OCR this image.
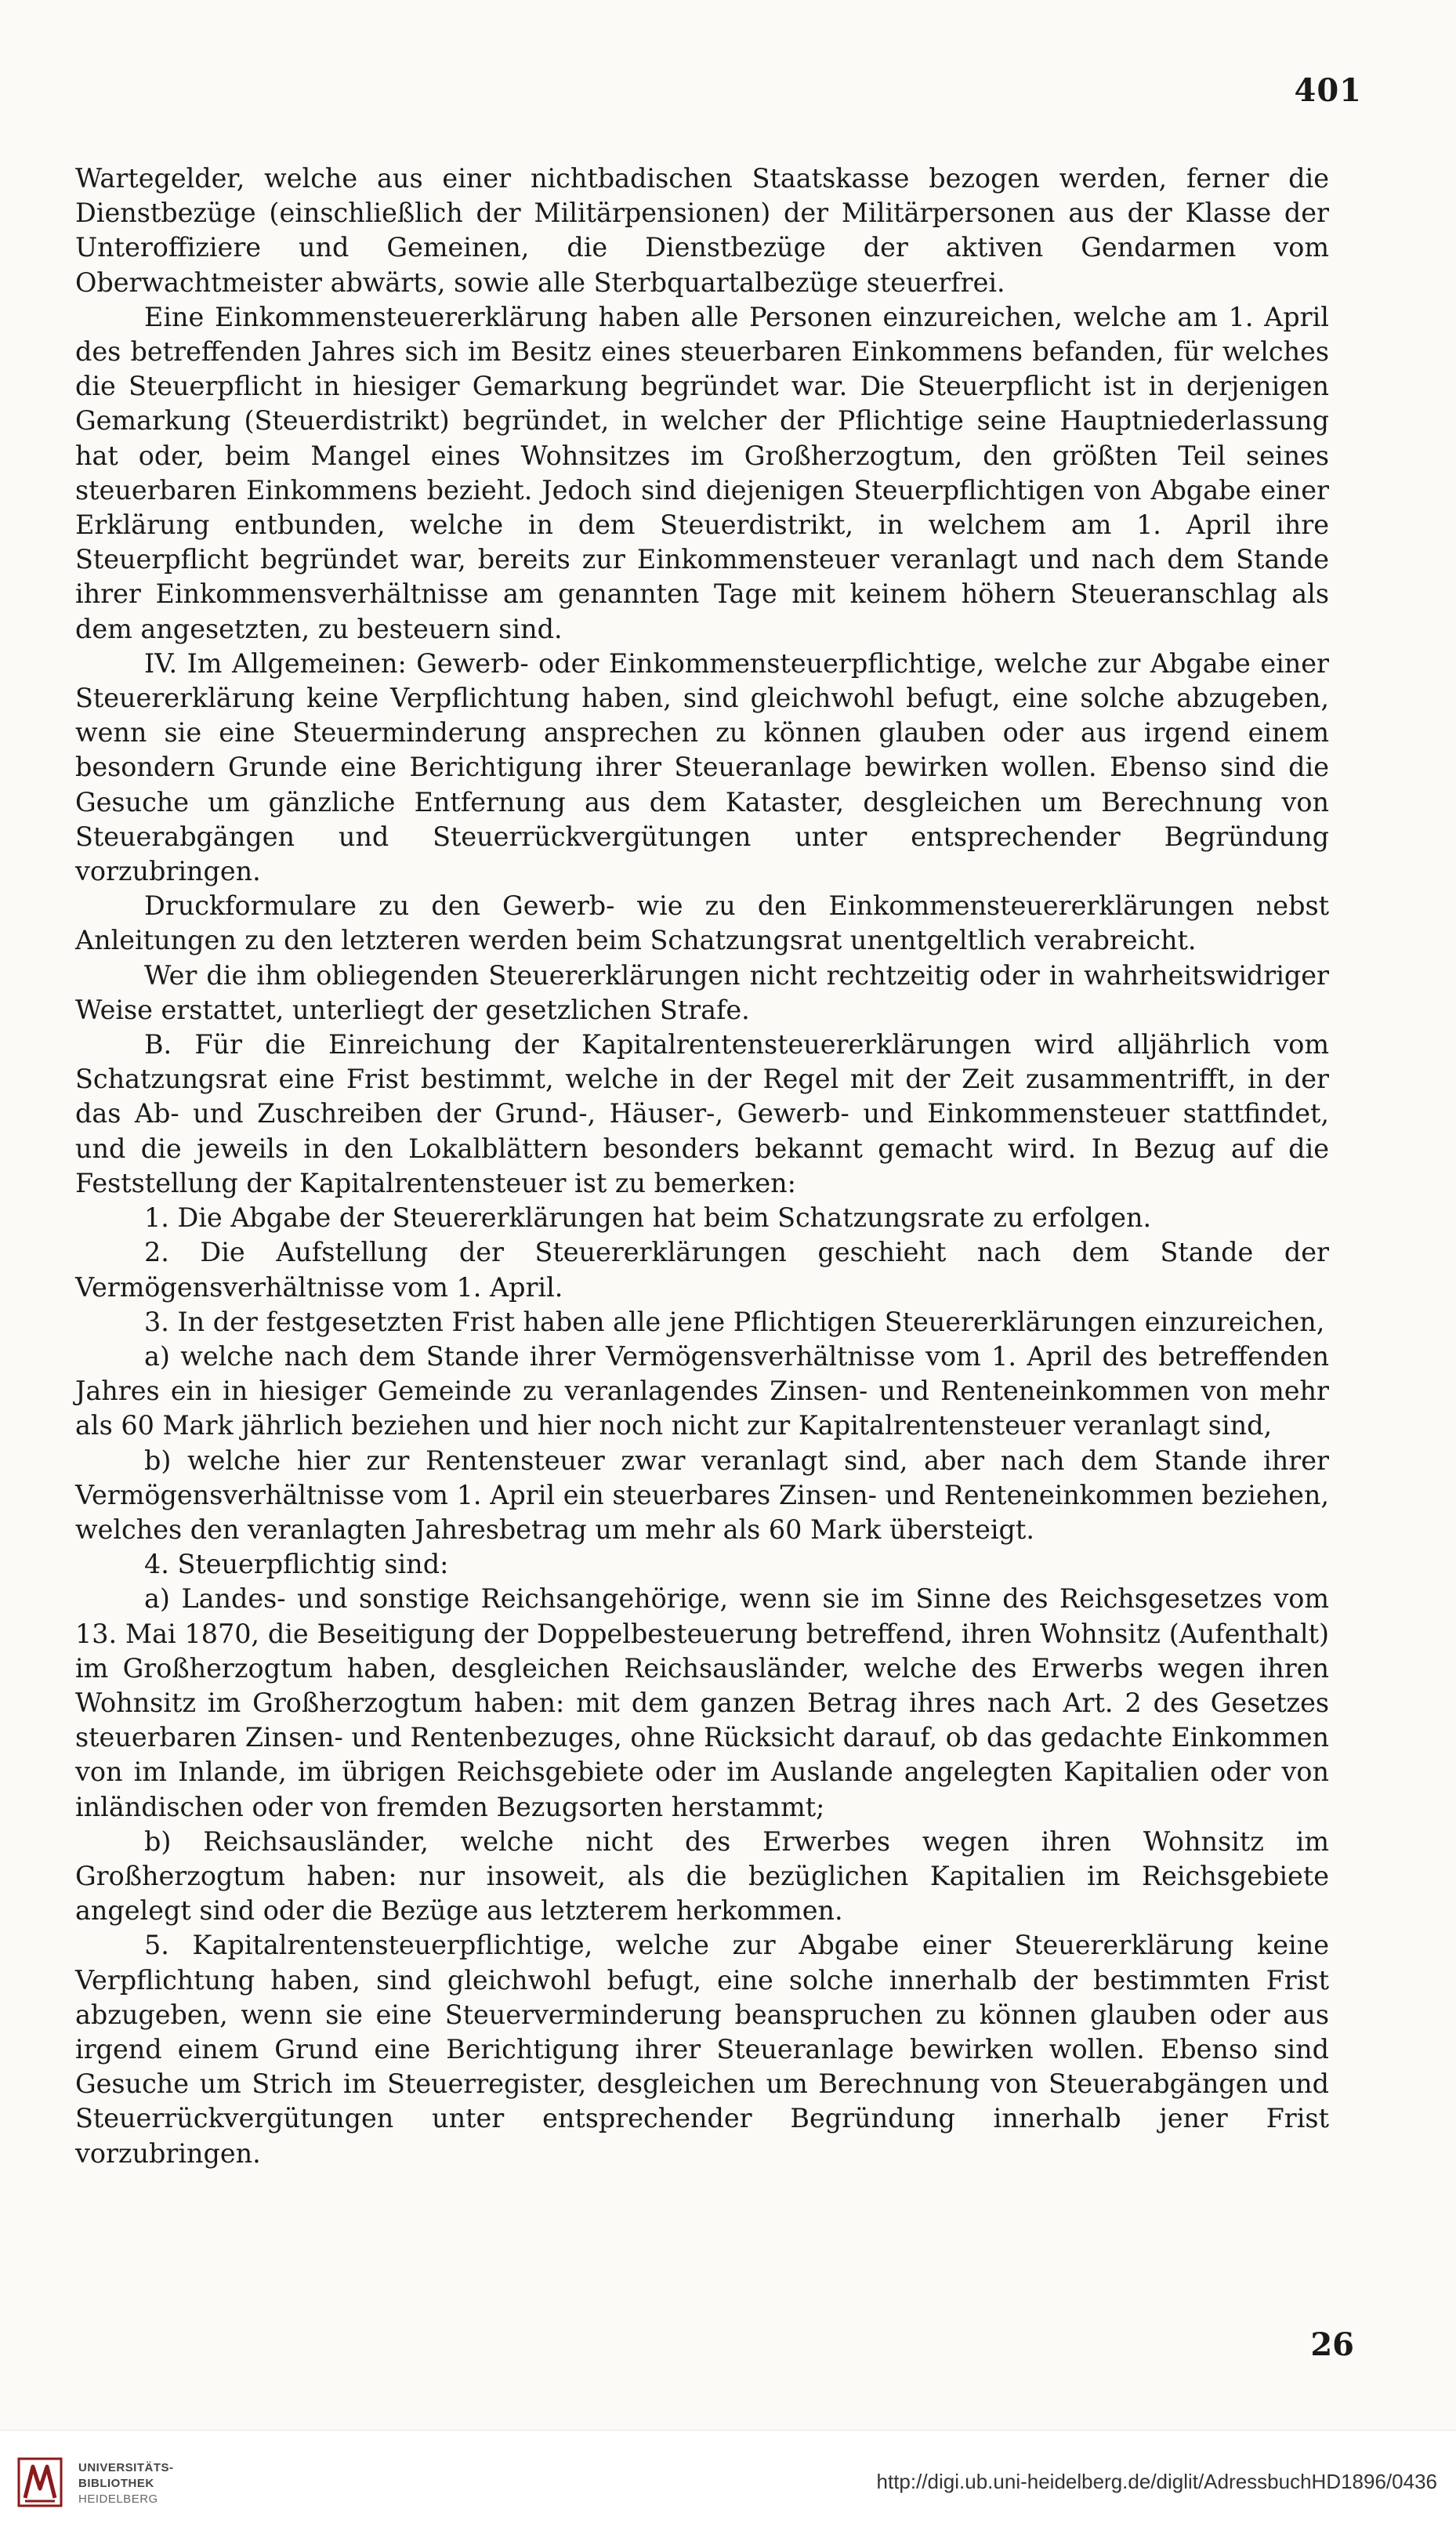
401

Wartegelder, welche aus einer nichtbadischen Staatskasse bezogen werden, ferner die Dienstbezüge (einschließlich der Militärpensionen) der Militärpersonen aus der Klasse der Unteroffiziere und Gemeinen, die Dienstbezüge der aktiven Gendarmen vom Oberwachtmeister abwärts, sowie alle Sterbquartalbezüge steuerfrei.

Eine Einkommensteuererklärung haben alle Personen einzureichen, welche am 1. April des betreffenden Jahres sich im Besitz eines steuerbaren Einkommens befanden, für welches die Steuerpflicht in hiesiger Gemarkung begründet war. Die Steuerpflicht ist in derjenigen Gemarkung (Steuerdistrikt) begründet, in welcher der Pflichtige seine Hauptniederlassung hat oder, beim Mangel eines Wohnsitzes im Großherzogtum, den größten Teil seines steuerbaren Einkommens bezieht. Jedoch sind diejenigen Steuerpflichtigen von Abgabe einer Erklärung entbunden, welche in dem Steuerdistrikt, in welchem am 1. April ihre Steuerpflicht begründet war, bereits zur Einkommensteuer veranlagt und nach dem Stande ihrer Einkommensverhältnisse am genannten Tage mit keinem höhern Steueranschlag als dem angesetzten, zu besteuern sind.

IV. Im Allgemeinen: Gewerb- oder Einkommensteuerpflichtige, welche zur Abgabe einer Steuererklärung keine Verpflichtung haben, sind gleichwohl befugt, eine solche abzugeben, wenn sie eine Steuerminderung ansprechen zu können glauben oder aus irgend einem besondern Grunde eine Berichtigung ihrer Steueranlage bewirken wollen. Ebenso sind die Gesuche um gänzliche Entfernung aus dem Kataster, desgleichen um Berechnung von Steuerabgängen und Steuerrückvergütungen unter entsprechender Begründung vorzubringen.

Druckformulare zu den Gewerb- wie zu den Einkommensteuererklärungen nebst Anleitungen zu den letzteren werden beim Schatzungsrat unentgeltlich verabreicht.

Wer die ihm obliegenden Steuererklärungen nicht rechtzeitig oder in wahrheitswidriger Weise erstattet, unterliegt der gesetzlichen Strafe.

B. Für die Einreichung der Kapitalrentensteuererklärungen wird alljährlich vom Schatzungsrat eine Frist bestimmt, welche in der Regel mit der Zeit zusammentrifft, in der das Ab- und Zuschreiben der Grund-, Häuser-, Gewerb- und Einkommensteuer stattfindet, und die jeweils in den Lokalblättern besonders bekannt gemacht wird. In Bezug auf die Feststellung der Kapitalrentensteuer ist zu bemerken:

1. Die Abgabe der Steuererklärungen hat beim Schatzungsrate zu erfolgen.

2. Die Aufstellung der Steuererklärungen geschieht nach dem Stande der Vermögensverhältnisse vom 1. April.

3. In der festgesetzten Frist haben alle jene Pflichtigen Steuererklärungen einzureichen,

a) welche nach dem Stande ihrer Vermögensverhältnisse vom 1. April des betreffenden Jahres ein in hiesiger Gemeinde zu veranlagendes Zinsen- und Renteneinkommen von mehr als 60 Mark jährlich beziehen und hier noch nicht zur Kapitalrentensteuer veranlagt sind,

b) welche hier zur Rentensteuer zwar veranlagt sind, aber nach dem Stande ihrer Vermögensverhältnisse vom 1. April ein steuerbares Zinsen- und Renteneinkommen beziehen, welches den veranlagten Jahresbetrag um mehr als 60 Mark übersteigt.

4. Steuerpflichtig sind:

a) Landes- und sonstige Reichsangehörige, wenn sie im Sinne des Reichsgesetzes vom 13. Mai 1870, die Beseitigung der Doppelbesteuerung betreffend, ihren Wohnsitz (Aufenthalt) im Großherzogtum haben, desgleichen Reichsausländer, welche des Erwerbs wegen ihren Wohnsitz im Großherzogtum haben: mit dem ganzen Betrag ihres nach Art. 2 des Gesetzes steuerbaren Zinsen- und Rentenbezuges, ohne Rücksicht darauf, ob das gedachte Einkommen von im Inlande, im übrigen Reichsgebiete oder im Auslande angelegten Kapitalien oder von inländischen oder von fremden Bezugsorten herstammt;

b) Reichsausländer, welche nicht des Erwerbes wegen ihren Wohnsitz im Großherzogtum haben: nur insoweit, als die bezüglichen Kapitalien im Reichsgebiete angelegt sind oder die Bezüge aus letzterem herkommen.

5. Kapitalrentensteuerpflichtige, welche zur Abgabe einer Steuererklärung keine Verpflichtung haben, sind gleichwohl befugt, eine solche innerhalb der bestimmten Frist abzugeben, wenn sie eine Steuerverminderung beanspruchen zu können glauben oder aus irgend einem Grund eine Berichtigung ihrer Steueranlage bewirken wollen. Ebenso sind Gesuche um Strich im Steuerregister, desgleichen um Berechnung von Steuerabgängen und Steuerrückvergütungen unter entsprechender Begründung innerhalb jener Frist vorzubringen.

26
UNIVERSITÄTS-
BIBLIOTHEK
HEIDELBERG
http://digi.ub.uni-heidelberg.de/diglit/AdressbuchHD1896/0436
